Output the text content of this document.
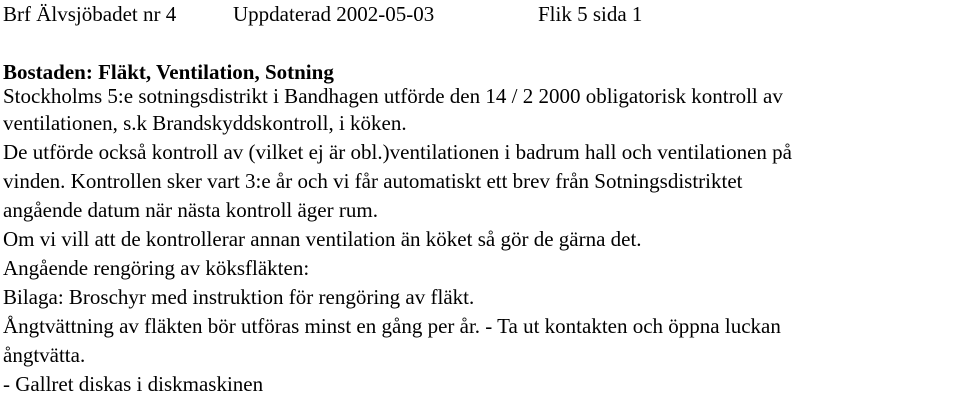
Brf Älvsjöbadet nr 4	Uppdaterad 2002-05-03	Flik 5 sida 1
Bostaden: Fläkt, Ventilation, Sotning
Stockholms 5:e sotningsdistrikt i Bandhagen utförde den 14 / 2 2000 obligatorisk kontroll av
ventilationen, s.k Brandskyddskontroll, i köken.
De utförde också kontroll av (vilket ej är obl.)ventilationen i badrum hall och ventilationen på
vinden. Kontrollen sker vart 3:e år och vi får automatiskt ett brev från Sotningsdistriktet
angående datum när nästa kontroll äger rum.
Om vi vill att de kontrollerar annan ventilation än köket så gör de gärna det.
Angående rengöring av köksfläkten:
Bilaga: Broschyr med instruktion för rengöring av fläkt.
Ångtvättning av fläkten bör utföras minst en gång per år. - Ta ut kontakten och öppna luckan
ångtvätta.
- Gallret diskas i diskmaskinen
